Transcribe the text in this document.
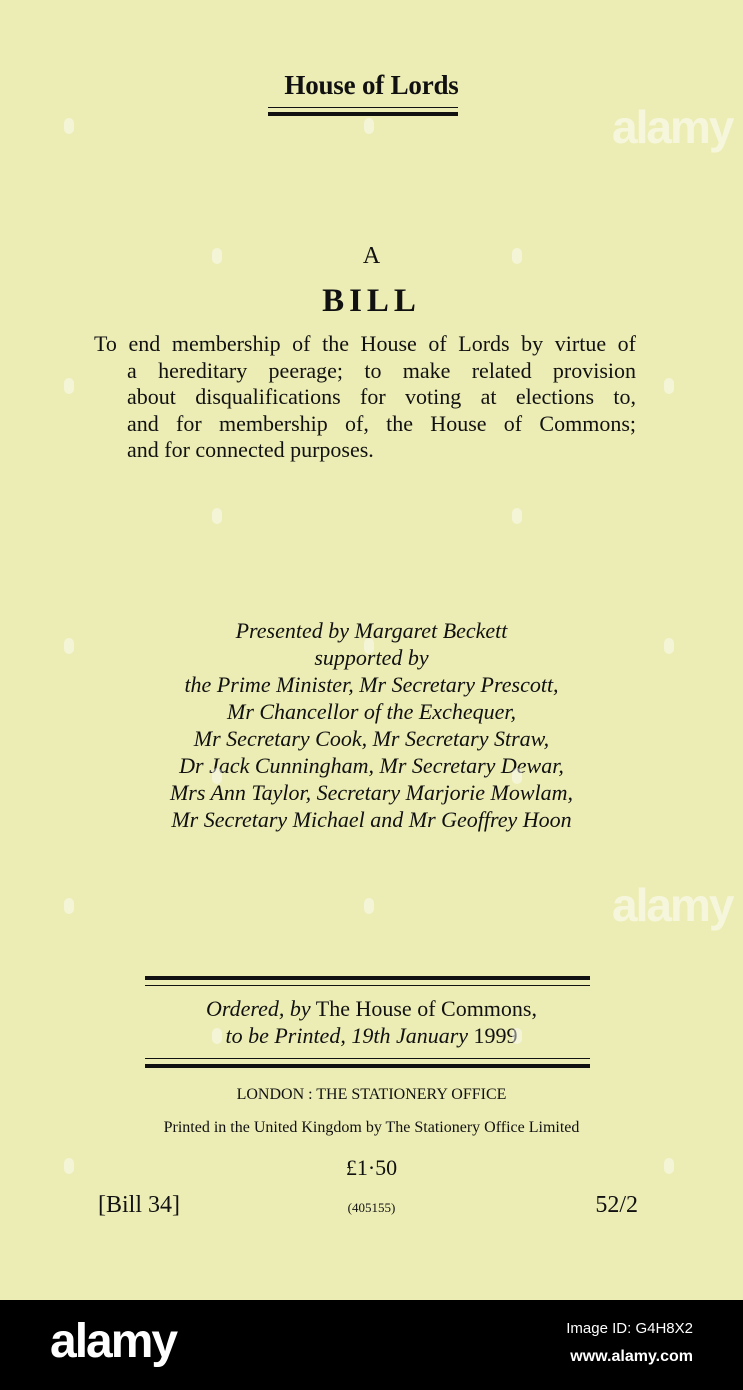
House of Lords
A
BILL
To end membership of the House of Lords by virtue of
a hereditary peerage; to make related provision
about disqualifications for voting at elections to,
and for membership of, the House of Commons;
and for connected purposes.
Presented by Margaret Beckett
supported by
the Prime Minister, Mr Secretary Prescott,
Mr Chancellor of the Exchequer,
Mr Secretary Cook, Mr Secretary Straw,
Dr Jack Cunningham, Mr Secretary Dewar,
Mrs Ann Taylor, Secretary Marjorie Mowlam,
Mr Secretary Michael and Mr Geoffrey Hoon
Ordered, by The House of Commons,
to be Printed, 19th January 1999
LONDON : THE STATIONERY OFFICE
Printed in the United Kingdom by The Stationery Office Limited
£1·50
[Bill 34]	(405155)	52/2
alamy
alamy
alamy	Image ID: G4H8X2
www.alamy.com
